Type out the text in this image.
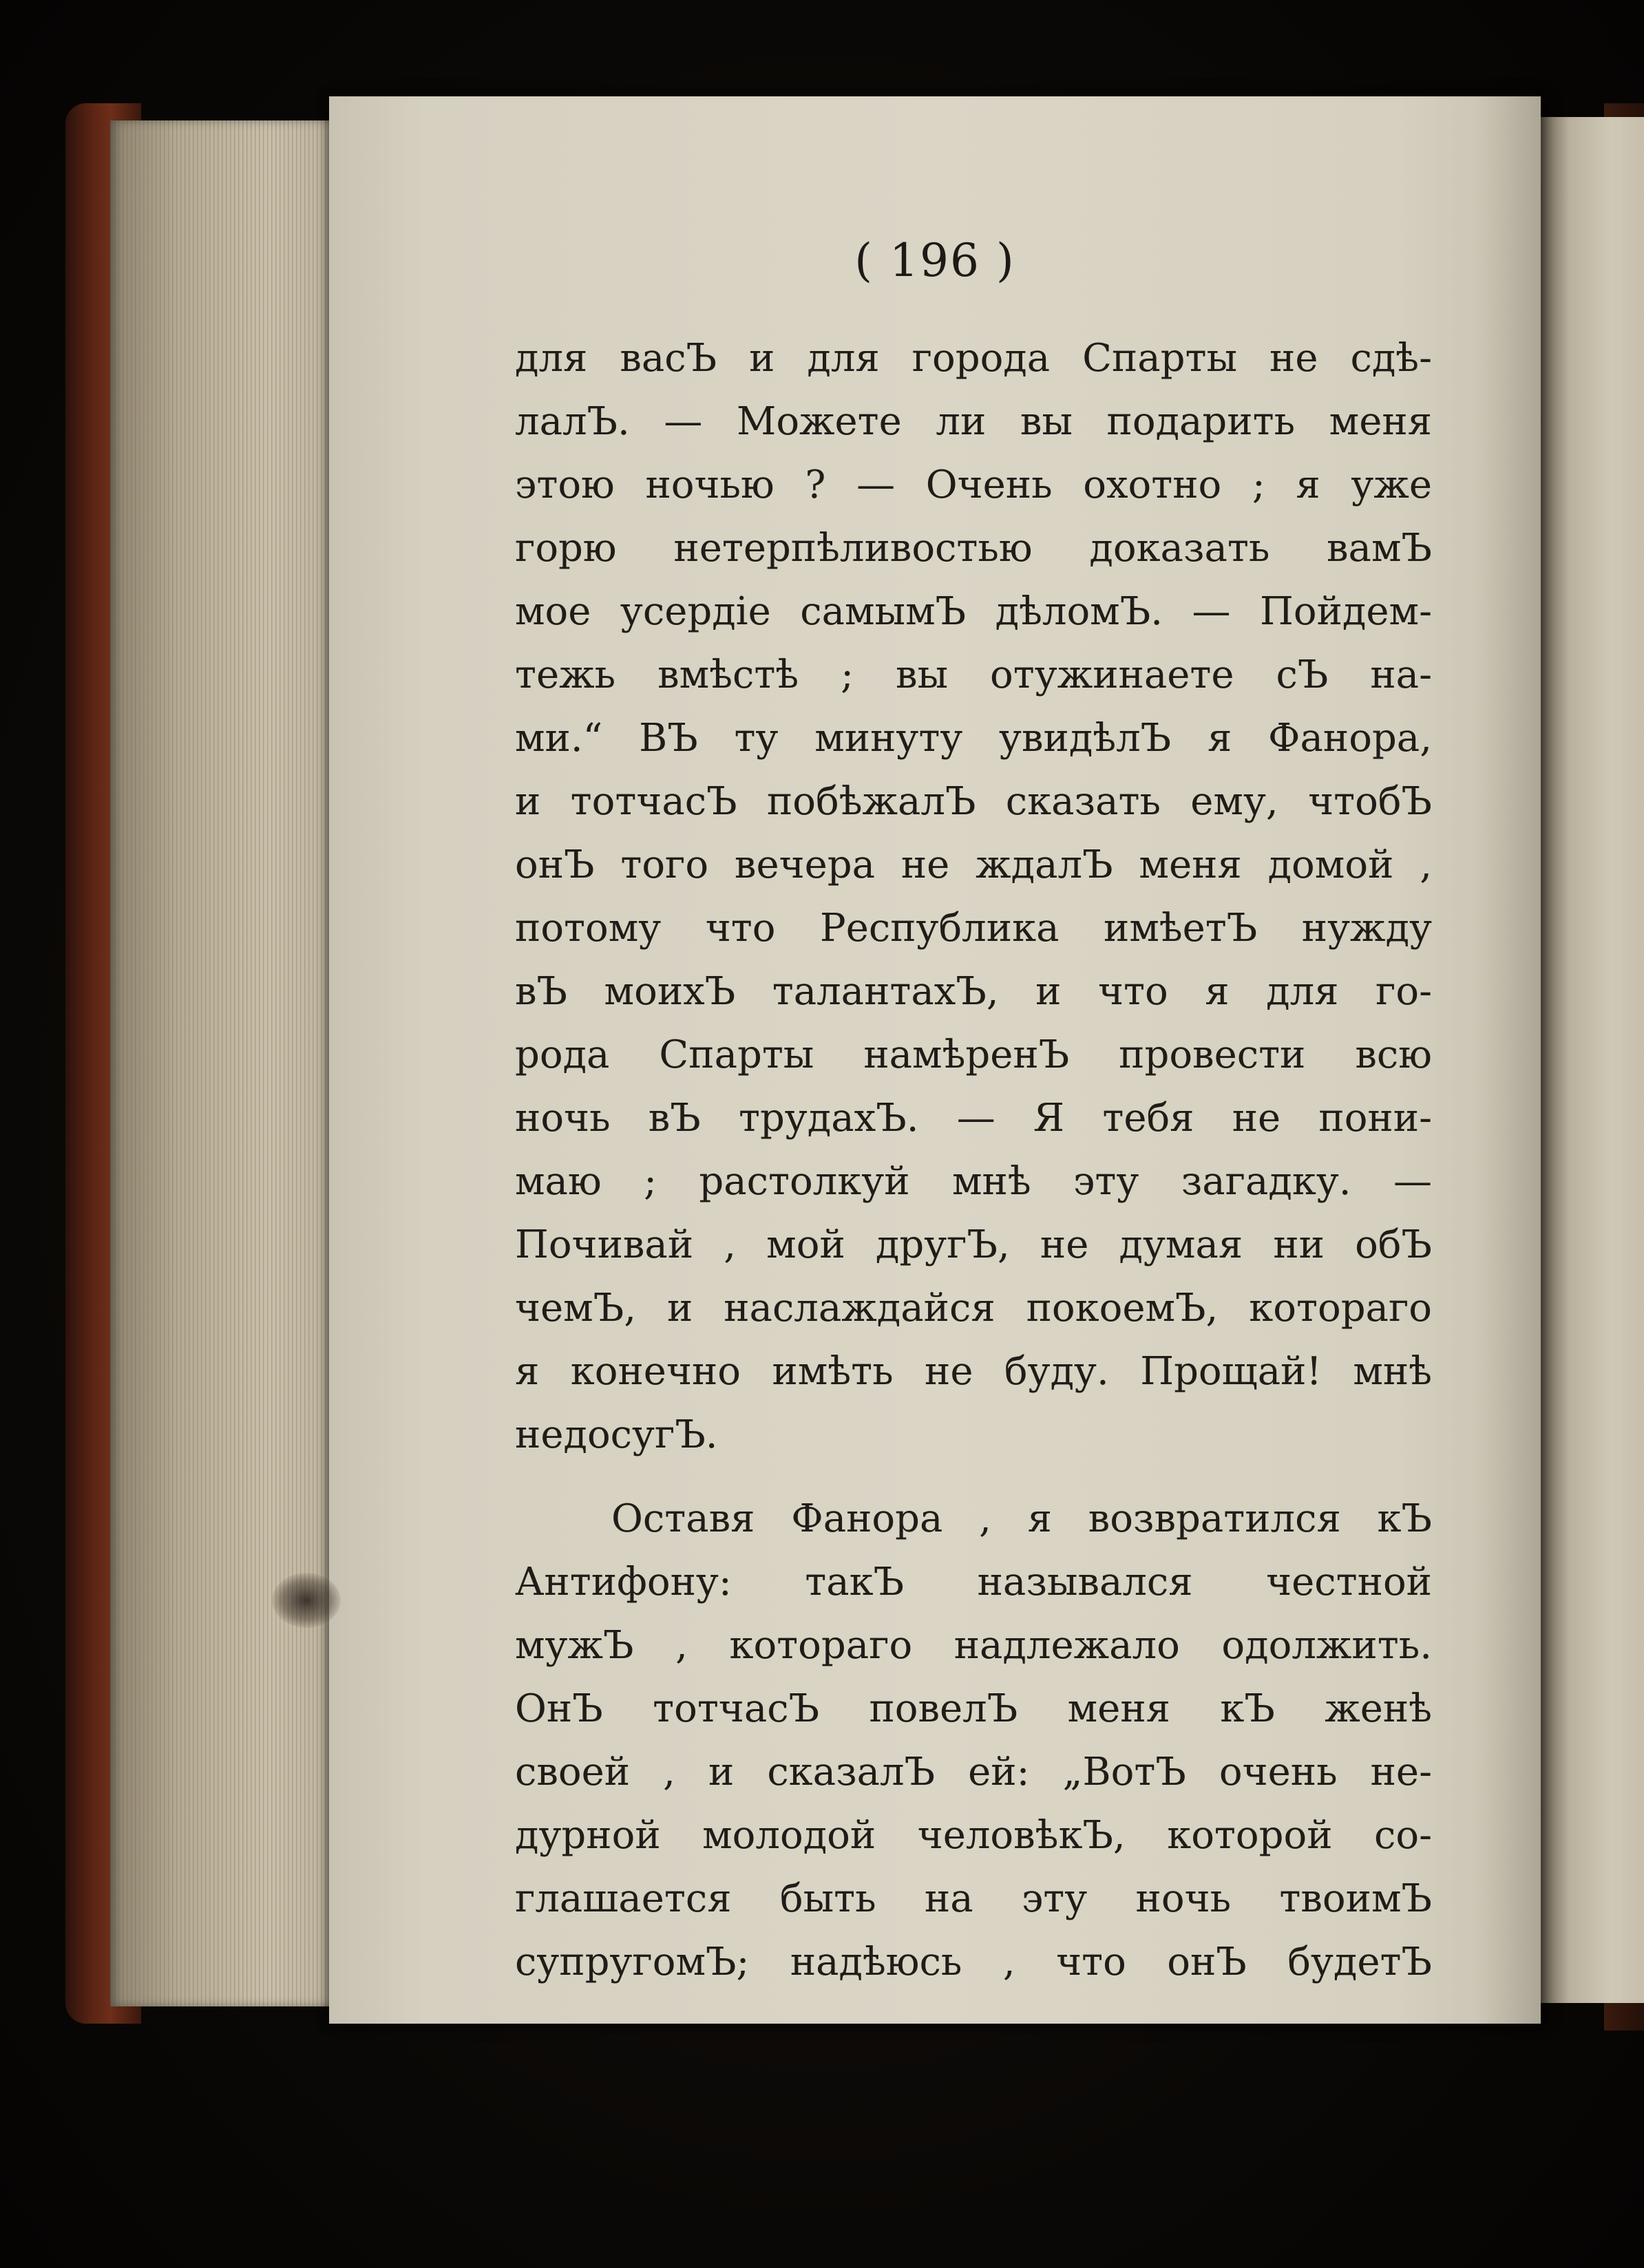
( 196 )
для васЪ и для города Спарты не сдѣ-
лалЪ. — Можете ли вы подарить меня
этою ночью ? — Очень охотно ; я уже
горю нетерпѣливостью доказать вамЪ
мое усердіе самымЪ дѣломЪ. — Пойдем-
тежь вмѣстѣ ; вы отужинаете сЪ на-
ми.“ ВЪ ту минуту увидѣлЪ я Фанора,
и тотчасЪ побѣжалЪ сказать ему, чтобЪ
онЪ того вечера не ждалЪ меня домой ,
потому что Республика имѣетЪ нужду
вЪ моихЪ талантахЪ, и что я для го-
рода Спарты намѣренЪ провести всю
ночь вЪ трудахЪ. — Я тебя не пони-
маю ; растолкуй мнѣ эту загадку. —
Почивай , мой другЪ, не думая ни обЪ
чемЪ, и наслаждайся покоемЪ, котораго
я конечно имѣть не буду. Прощай! мнѣ
недосугЪ.
Оставя Фанора , я возвратился кЪ
Антифону: такЪ назывался честной
мужЪ , котораго надлежало одолжить.
ОнЪ тотчасЪ повелЪ меня кЪ женѣ
своей , и сказалЪ ей: „ВотЪ очень не-
дурной молодой человѣкЪ, которой со-
глашается быть на эту ночь твоимЪ
супругомЪ; надѣюсь , что онЪ будетЪ
